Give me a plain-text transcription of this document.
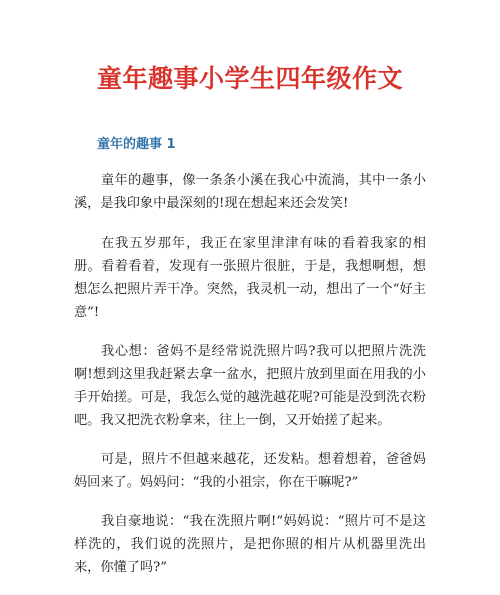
童年趣事小学生四年级作文
童年的趣事 1

童年的趣事，像一条条小溪在我心中流淌，其中一条小溪，是我印象中最深刻的!现在想起来还会发笑!

在我五岁那年，我正在家里津津有味的看着我家的相册。看着看着，发现有一张照片很脏，于是，我想啊想，想想怎么把照片弄干净。突然，我灵机一动，想出了一个“好主意”!

我心想：爸妈不是经常说洗照片吗?我可以把照片洗洗啊!想到这里我赶紧去拿一盆水，把照片放到里面在用我的小手开始搓。可是，我怎么觉的越洗越花呢?可能是没到洗衣粉吧。我又把洗衣粉拿来，往上一倒，又开始搓了起来。

可是，照片不但越来越花，还发粘。想着想着，爸爸妈妈回来了。妈妈问：“我的小祖宗，你在干嘛呢?”

我自豪地说：“我在洗照片啊!”妈妈说：“照片可不是这样洗的，我们说的洗照片，是把你照的相片从机器里洗出来，你懂了吗?”
